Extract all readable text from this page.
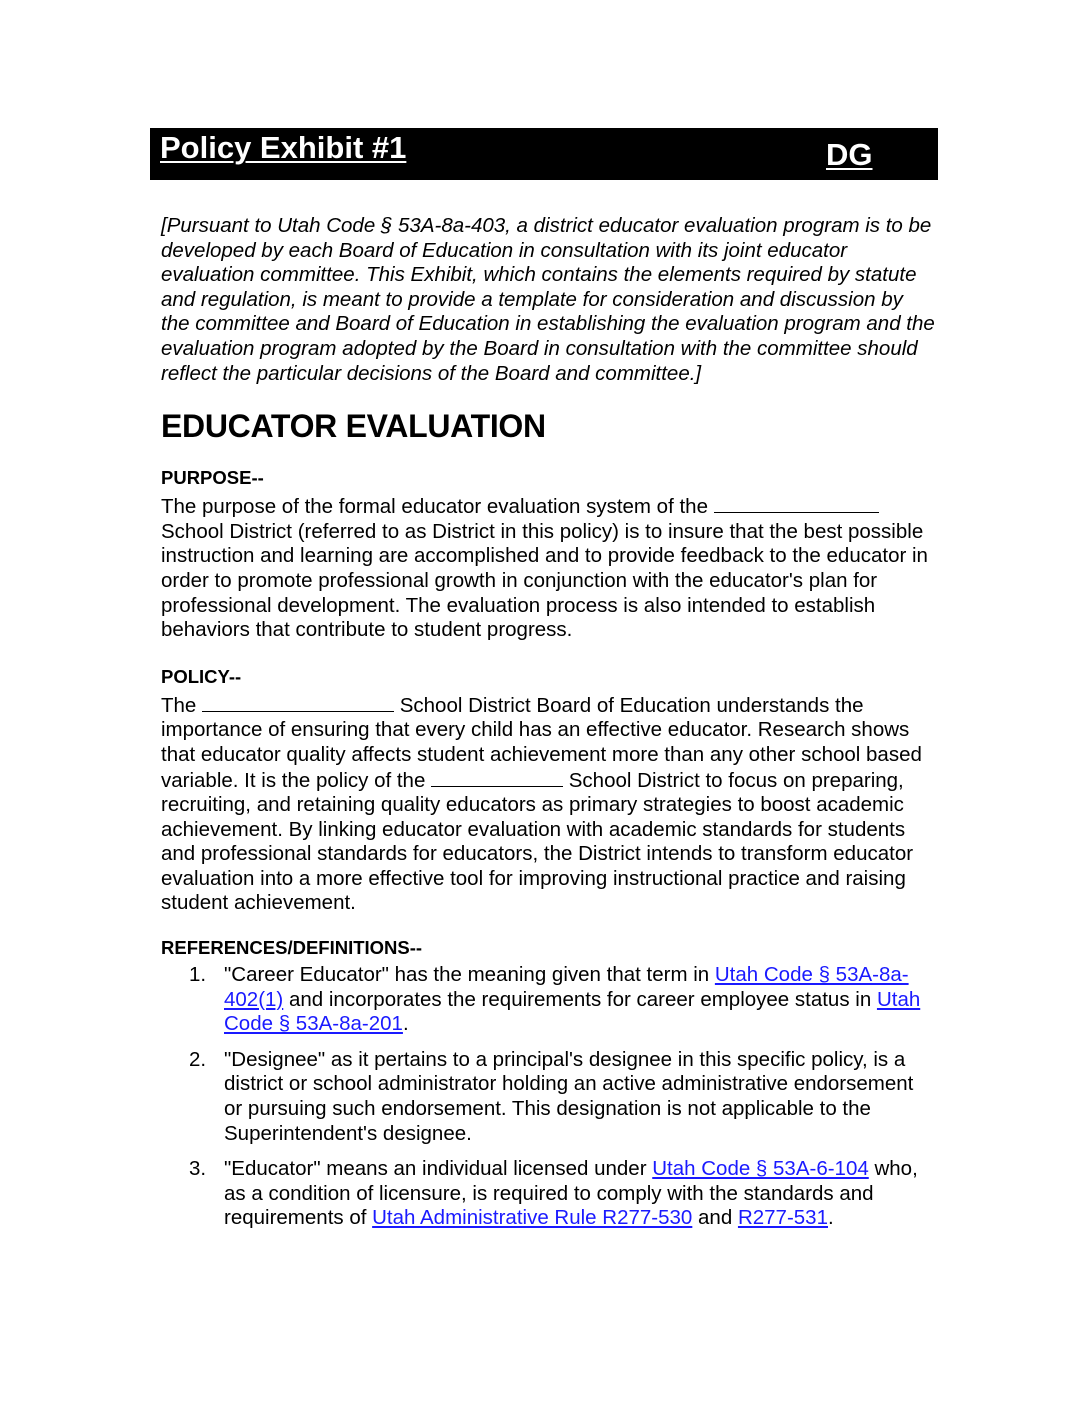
Policy Exhibit #1	DG

[Pursuant to Utah Code § 53A-8a-403, a district educator evaluation program is to be developed by each Board of Education in consultation with its joint educator evaluation committee. This Exhibit, which contains the elements required by statute and regulation, is meant to provide a template for consideration and discussion by the committee and Board of Education in establishing the evaluation program and the evaluation program adopted by the Board in consultation with the committee should reflect the particular decisions of the Board and committee.]

EDUCATOR EVALUATION
PURPOSE--

The purpose of the formal educator evaluation system of the  School District (referred to as District in this policy) is to insure that the best possible instruction and learning are accomplished and to provide feedback to the educator in order to promote professional growth in conjunction with the educator's plan for professional development. The evaluation process is also intended to establish behaviors that contribute to student progress.

POLICY--

The	School District Board of Education understands the importance of ensuring that every child has an effective educator. Research shows that educator quality affects student achievement more than any other school based variable. It is the policy of the	School District to focus on preparing, recruiting, and retaining quality educators as primary strategies to boost academic achievement. By linking educator evaluation with academic standards for students and professional standards for educators, the District intends to transform educator evaluation into a more effective tool for improving instructional practice and raising student achievement.

REFERENCES/DEFINITIONS--
1. "Career Educator" has the meaning given that term in Utah Code § 53A-8a-402(1) and incorporates the requirements for career employee status in Utah Code § 53A-8a-201.
2. "Designee" as it pertains to a principal's designee in this specific policy, is a district or school administrator holding an active administrative endorsement or pursuing such endorsement. This designation is not applicable to the Superintendent's designee.
3. "Educator" means an individual licensed under Utah Code § 53A-6-104 who, as a condition of licensure, is required to comply with the standards and requirements of Utah Administrative Rule R277-530 and R277-531.
